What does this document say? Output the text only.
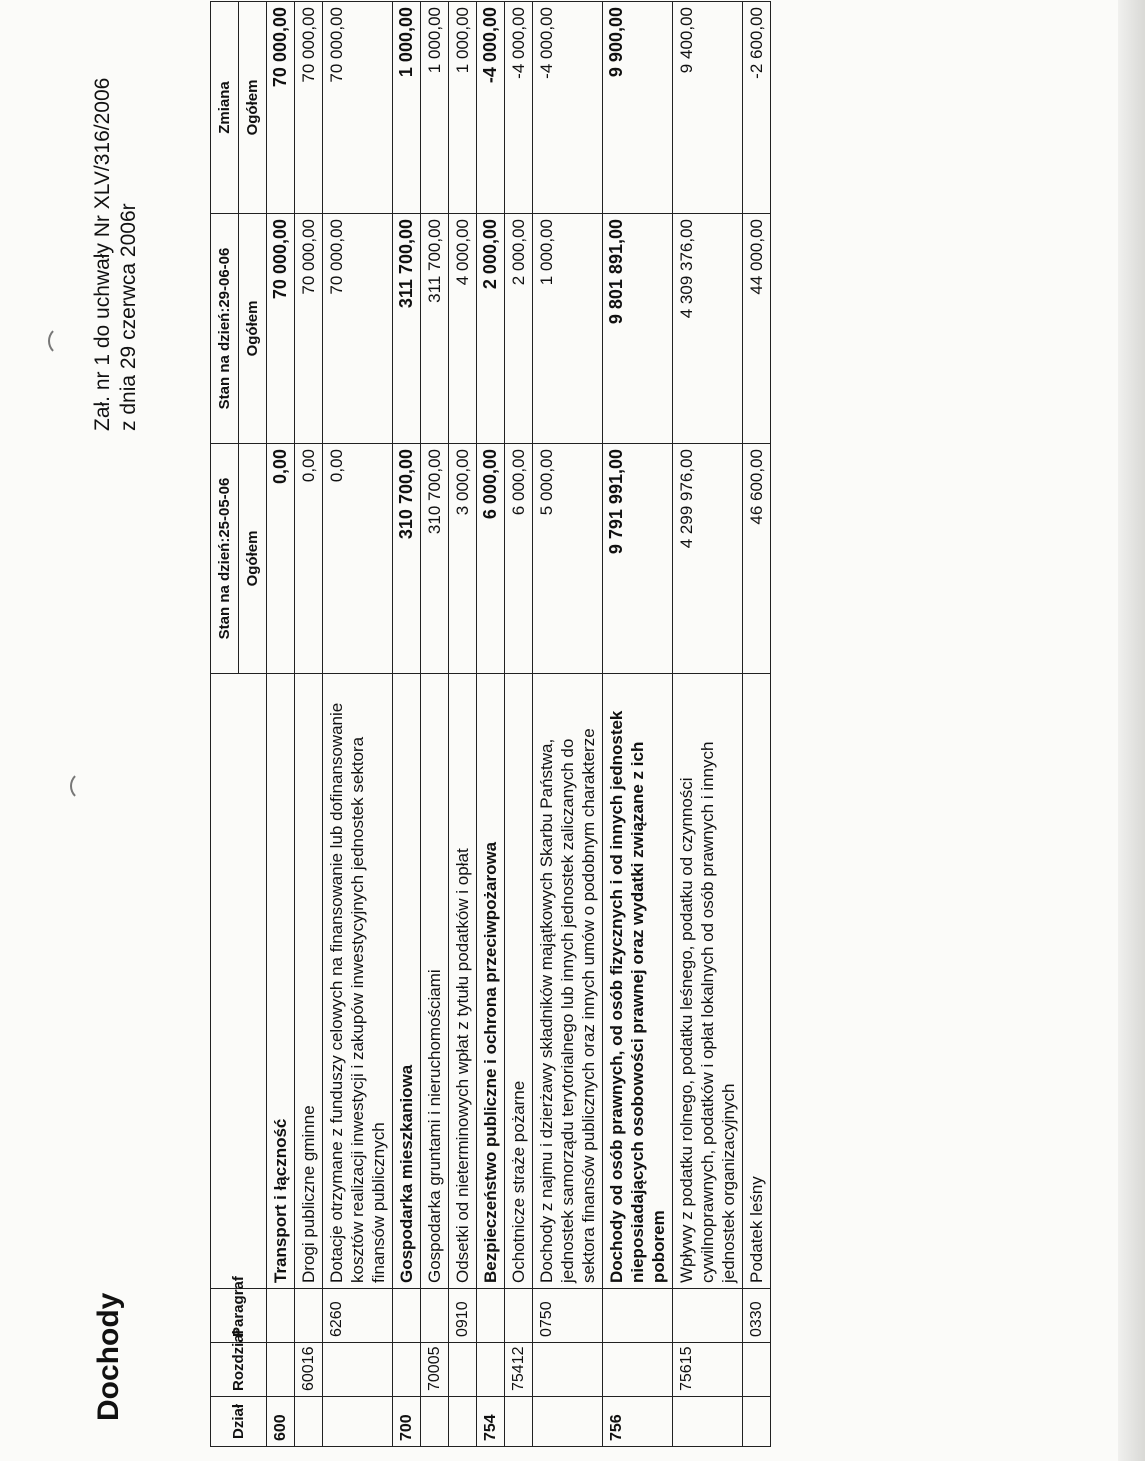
Dochody
Zał. nr 1 do uchwały Nr XLV/316/2006 z dnia 29 czerwca 2006r
Dział	Rozdział	Paragraf		Stan na dzień:25-05-06	Stan na dzień:29-06-06	Zmiana
				Ogółem	Ogółem	Ogółem
600			Transport i łączność	0,00	70 000,00	70 000,00
	60016		Drogi publiczne gminne	0,00	70 000,00	70 000,00
		6260	Dotacje otrzymane z funduszy celowych na finansowanie lub dofinansowanie kosztów realizacji inwestycji i zakupów inwestycyjnych jednostek sektora finansów publicznych	0,00	70 000,00	70 000,00
700			Gospodarka mieszkaniowa	310 700,00	311 700,00	1 000,00
	70005		Gospodarka gruntami i nieruchomościami	310 700,00	311 700,00	1 000,00
		0910	Odsetki od nieterminowych wpłat z tytułu podatków i opłat	3 000,00	4 000,00	1 000,00
754			Bezpieczeństwo publiczne i ochrona przeciwpożarowa	6 000,00	2 000,00	-4 000,00
	75412		Ochotnicze straże pożarne	6 000,00	2 000,00	-4 000,00
		0750	Dochody z najmu i dzierżawy składników majątkowych Skarbu Państwa, jednostek samorządu terytorialnego lub innych jednostek zaliczanych do sektora finansów publicznych oraz innych umów o podobnym charakterze	5 000,00	1 000,00	-4 000,00
756			Dochody od osób prawnych, od osób fizycznych i od innych jednostek nieposiadających osobowości prawnej oraz wydatki związane z ich poborem	9 791 991,00	9 801 891,00	9 900,00
	75615		Wpływy z podatku rolnego, podatku leśnego, podatku od czynności cywilnoprawnych, podatków i opłat lokalnych od osób prawnych i innych jednostek organizacyjnych	4 299 976,00	4 309 376,00	9 400,00
		0330	Podatek leśny	46 600,00	44 000,00	-2 600,00
